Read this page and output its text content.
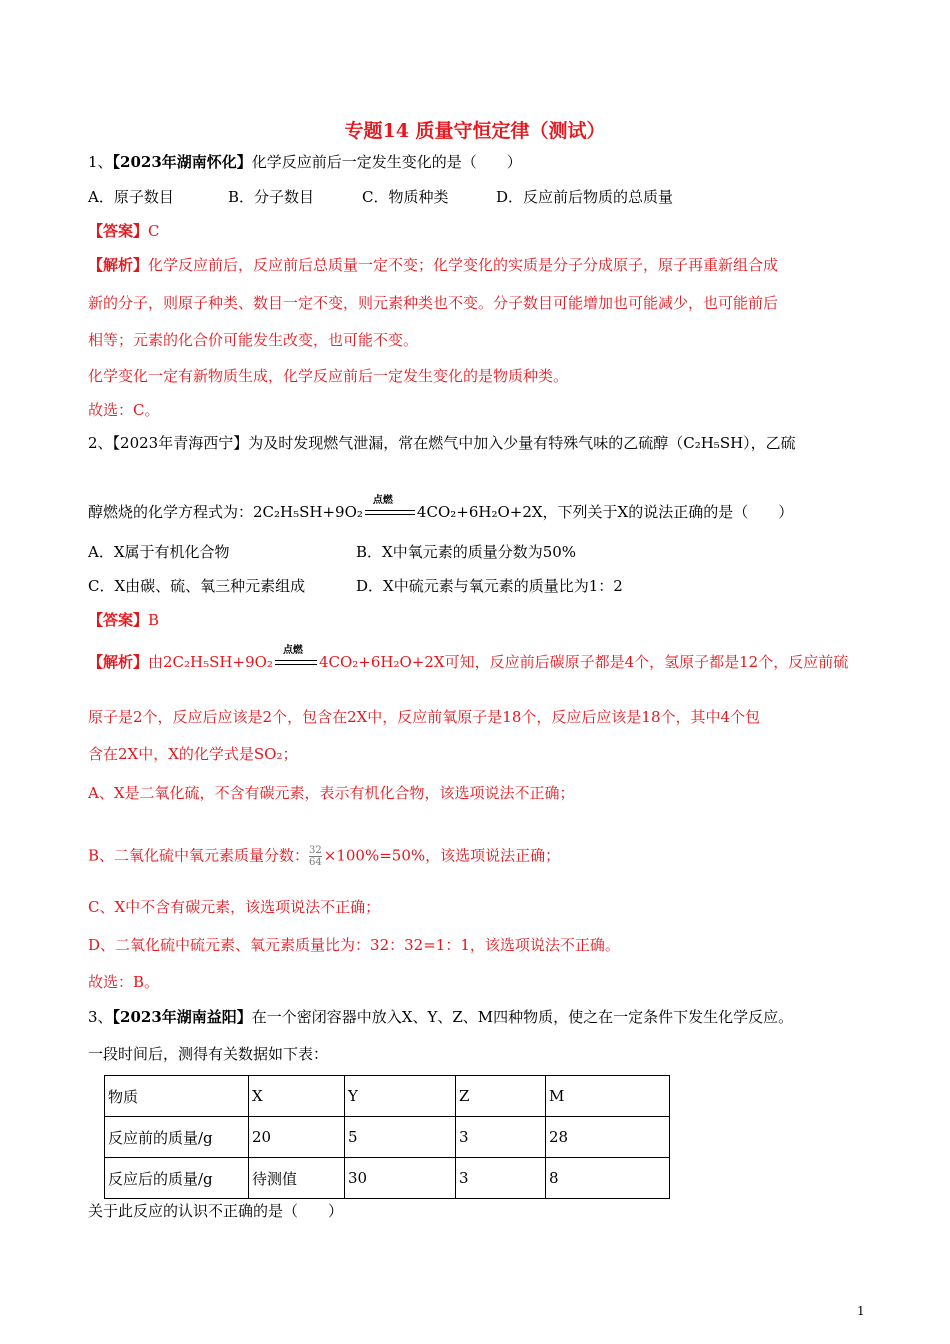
专题14 质量守恒定律（测试）
1、【2023年湖南怀化】化学反应前后一定发生变化的是（　　）
A．原子数目	B．分子数目	C．物质种类	D．反应前后物质的总质量
【答案】C
【解析】化学反应前后，反应前后总质量一定不变；化学变化的实质是分子分成原子，原子再重新组合成
新的分子，则原子种类、数目一定不变，则元素种类也不变。分子数目可能增加也可能减少，也可能前后
相等；元素的化合价可能发生改变，也可能不变。
化学变化一定有新物质生成，化学反应前后一定发生变化的是物质种类。
故选：C。
2、【2023年青海西宁】为及时发现燃气泄漏，常在燃气中加入少量有特殊气味的乙硫醇（C₂H₅SH），乙硫
醇燃烧的化学方程式为：2C₂H₅SH+9O₂
点燃
4CO₂+6H₂O+2X，下列关于X的说法正确的是（　　）
A．X属于有机化合物	B．X中氧元素的质量分数为50%
C．X由碳、硫、氧三种元素组成	D．X中硫元素与氧元素的质量比为1：2
【答案】B
【解析】由2C₂H₅SH+9O₂
点燃
4CO₂+6H₂O+2X可知，反应前后碳原子都是4个，氢原子都是12个，反应前硫
原子是2个，反应后应该是2个，包含在2X中，反应前氧原子是18个，反应后应该是18个，其中4个包
含在2X中，X的化学式是SO₂；
A、X是二氧化硫，不含有碳元素，表示有机化合物，该选项说法不正确；
B、二氧化硫中氧元素质量分数： $\frac{32}{64} \times 100\%=50\%$，该选项说法正确；
C、X中不含有碳元素，该选项说法不正确；
D、二氧化硫中硫元素、氧元素质量比为：32：32=1：1，该选项说法不正确。
故选：B。
3、【2023年湖南益阳】在一个密闭容器中放入X、Y、Z、M四种物质，使之在一定条件下发生化学反应。
一段时间后，测得有关数据如下表：
物质	X	Y	Z	M
反应前的质量/g	20	5	3	28
反应后的质量/g	待测值	30	3	8
关于此反应的认识不正确的是（　　）
1
